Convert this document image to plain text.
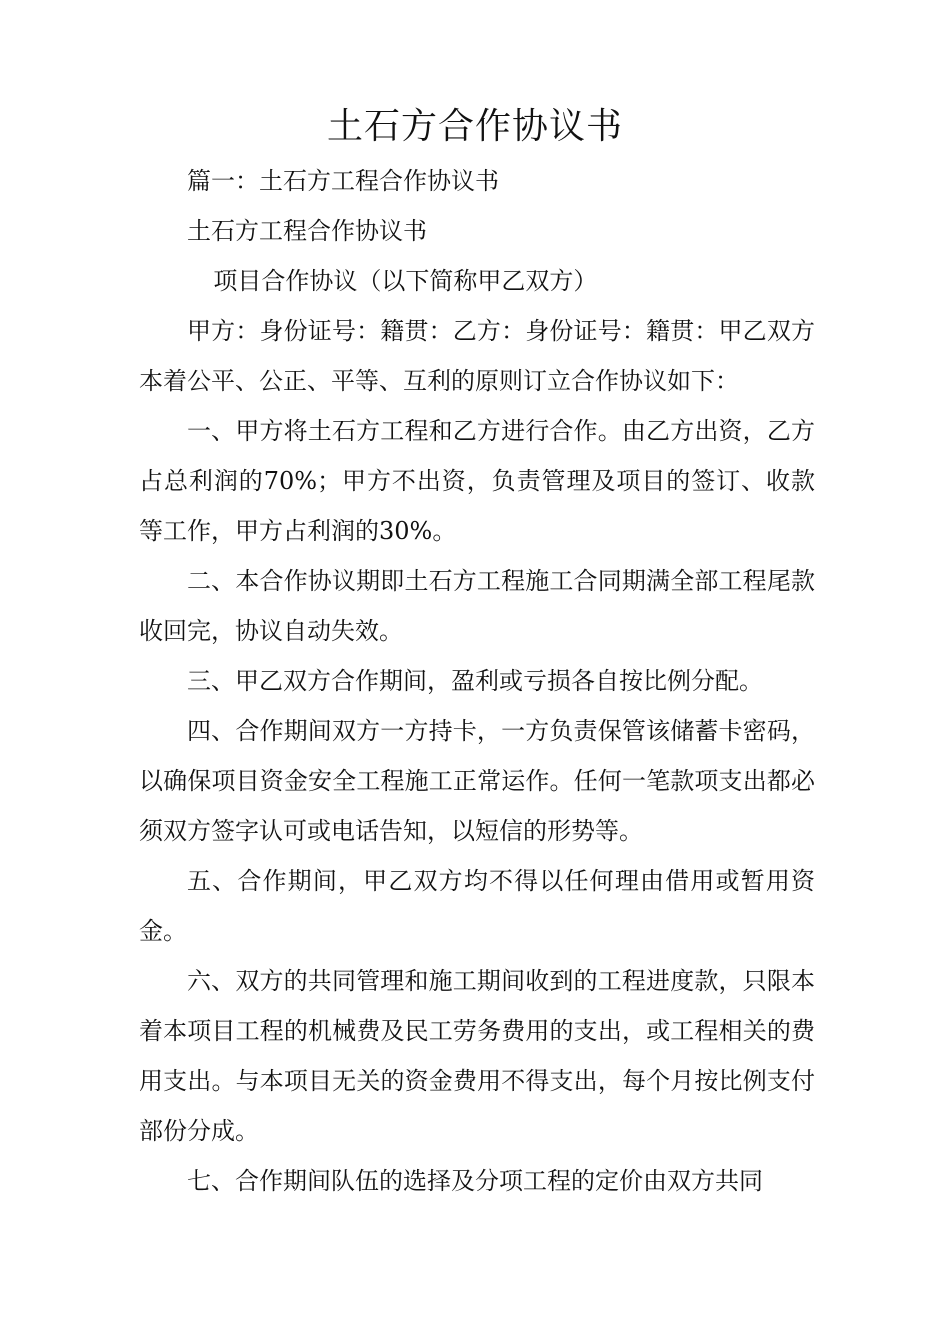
土石方合作协议书

篇一：土石方工程合作协议书

土石方工程合作协议书

项目合作协议（以下简称甲乙双方）

甲方：身份证号：籍贯：乙方：身份证号：籍贯：甲乙双方本着公平、公正、平等、互利的原则订立合作协议如下：

一、甲方将土石方工程和乙方进行合作。由乙方出资，乙方占总利润的70%；甲方不出资，负责管理及项目的签订、收款等工作，甲方占利润的30%。

二、本合作协议期即土石方工程施工合同期满全部工程尾款收回完，协议自动失效。

三、甲乙双方合作期间，盈利或亏损各自按比例分配。

四、合作期间双方一方持卡，一方负责保管该储蓄卡密码，以确保项目资金安全工程施工正常运作。任何一笔款项支出都必须双方签字认可或电话告知，以短信的形势等。

五、合作期间，甲乙双方均不得以任何理由借用或暂用资金。

六、双方的共同管理和施工期间收到的工程进度款，只限本着本项目工程的机械费及民工劳务费用的支出，或工程相关的费用支出。与本项目无关的资金费用不得支出，每个月按比例支付部份分成。

七、合作期间队伍的选择及分项工程的定价由双方共同
